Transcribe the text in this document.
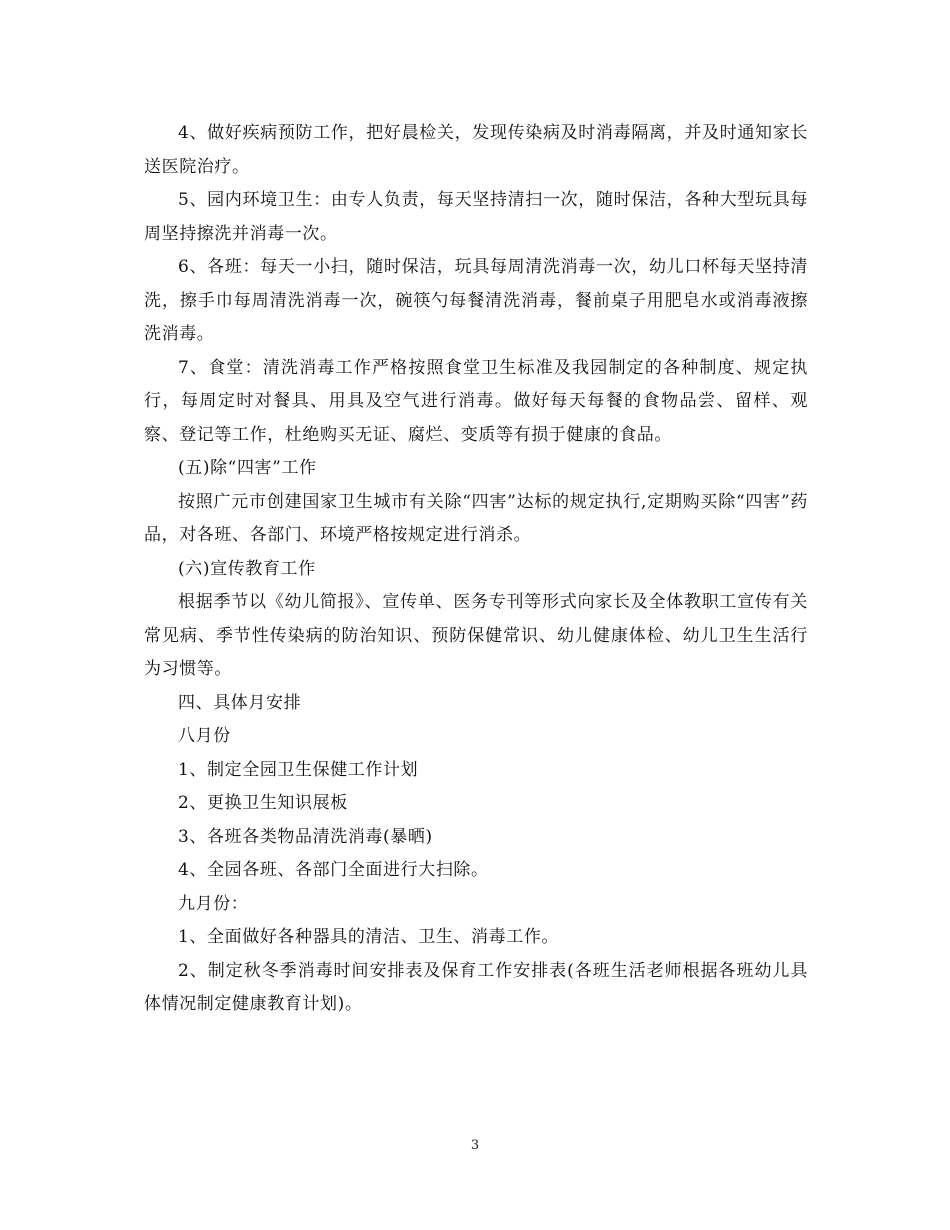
4、做好疾病预防工作，把好晨检关，发现传染病及时消毒隔离，并及时通知家长送医院治疗。

5、园内环境卫生：由专人负责，每天坚持清扫一次，随时保洁，各种大型玩具每周坚持擦洗并消毒一次。

6、各班：每天一小扫，随时保洁，玩具每周清洗消毒一次，幼儿口杯每天坚持清洗，擦手巾每周清洗消毒一次，碗筷勺每餐清洗消毒，餐前桌子用肥皂水或消毒液擦洗消毒。

7、食堂：清洗消毒工作严格按照食堂卫生标准及我园制定的各种制度、规定执行，每周定时对餐具、用具及空气进行消毒。做好每天每餐的食物品尝、留样、观察、登记等工作，杜绝购买无证、腐烂、变质等有损于健康的食品。

(五)除“四害”工作

按照广元市创建国家卫生城市有关除“四害”达标的规定执行,定期购买除“四害”药品，对各班、各部门、环境严格按规定进行消杀。

(六)宣传教育工作

根据季节以《幼儿简报》、宣传单、医务专刊等形式向家长及全体教职工宣传有关常见病、季节性传染病的防治知识、预防保健常识、幼儿健康体检、幼儿卫生生活行为习惯等。

四、具体月安排

八月份

1、制定全园卫生保健工作计划

2、更换卫生知识展板

3、各班各类物品清洗消毒(暴晒)

4、全园各班、各部门全面进行大扫除。

九月份：

1、全面做好各种器具的清洁、卫生、消毒工作。

2、制定秋冬季消毒时间安排表及保育工作安排表(各班生活老师根据各班幼儿具体情况制定健康教育计划)。

3
